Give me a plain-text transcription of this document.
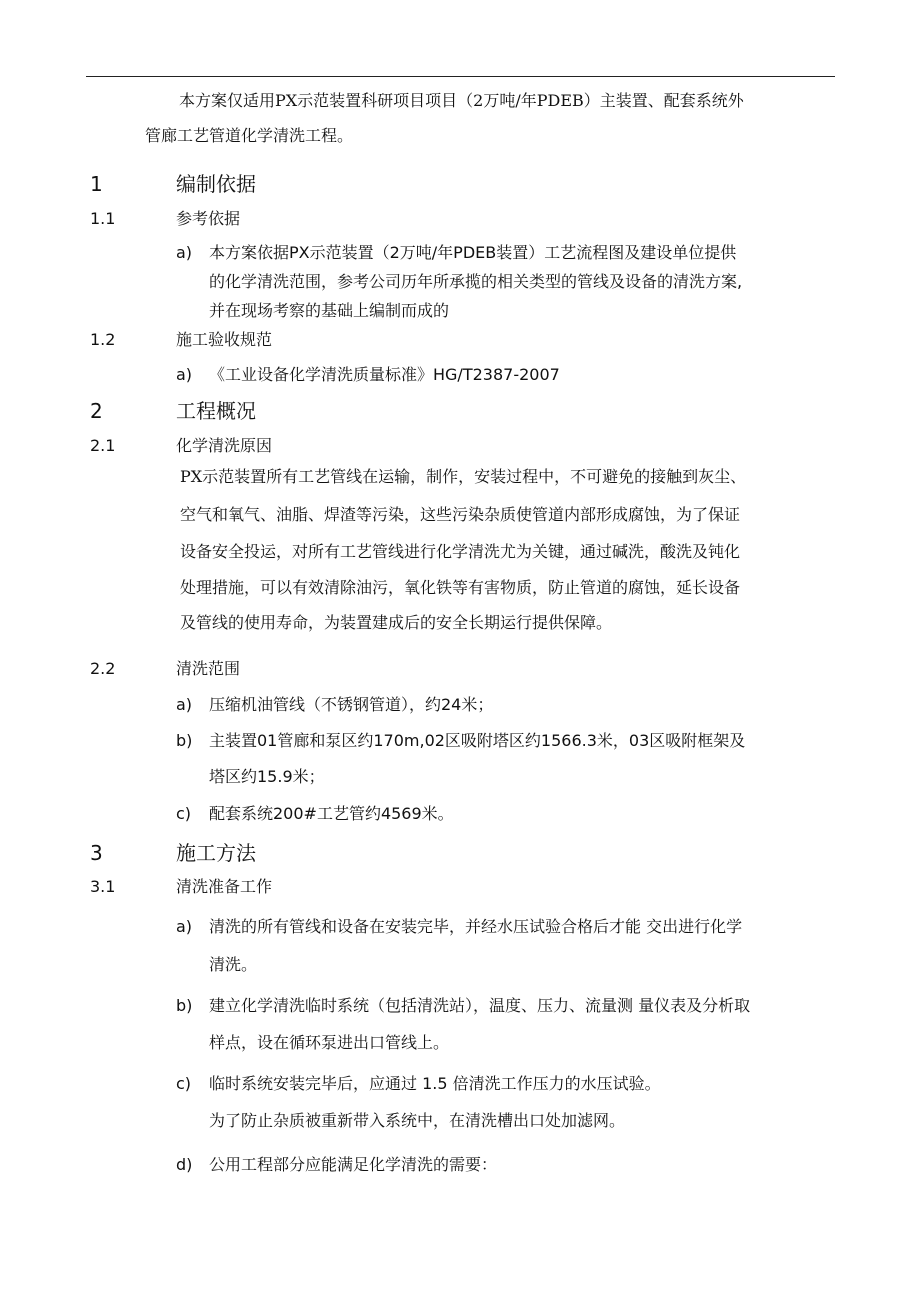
本方案仅适用PX示范装置科研项目项目（2万吨/年PDEB）主装置、配套系统外
管廊工艺管道化学清洗工程。
1	编制依据
1.1	参考依据
a) 本方案依据PX示范装置（2万吨/年PDEB装置）工艺流程图及建设单位提供
的化学清洗范围，参考公司历年所承揽的相关类型的管线及设备的清洗方案,
并在现场考察的基础上编制而成的
1.2	施工验收规范
a) 《工业设备化学清洗质量标准》HG/T2387-2007
2	工程概况
2.1	化学清洗原因
PX示范装置所有工艺管线在运输，制作，安装过程中，不可避免的接触到灰尘、
空气和氧气、油脂、焊渣等污染，这些污染杂质使管道内部形成腐蚀，为了保证
设备安全投运，对所有工艺管线进行化学清洗尤为关键，通过碱洗，酸洗及钝化
处理措施，可以有效清除油污，氧化铁等有害物质，防止管道的腐蚀，延长设备
及管线的使用寿命，为装置建成后的安全长期运行提供保障。
2.2	清洗范围
a) 压缩机油管线（不锈钢管道），约24米；
b) 主装置01管廊和泵区约170m,02区吸附塔区约1566.3米，03区吸附框架及
塔区约15.9米；
c) 配套系统200#工艺管约4569米。
3	施工方法
3.1	清洗准备工作
a) 清洗的所有管线和设备在安装完毕，并经水压试验合格后才能 交出进行化学
清洗。
b) 建立化学清洗临时系统（包括清洗站），温度、压力、流量测 量仪表及分析取
样点，设在循环泵进出口管线上。
c) 临时系统安装完毕后，应通过 1.5 倍清洗工作压力的水压试验。
为了防止杂质被重新带入系统中，在清洗槽出口处加滤网。
d) 公用工程部分应能满足化学清洗的需要：
